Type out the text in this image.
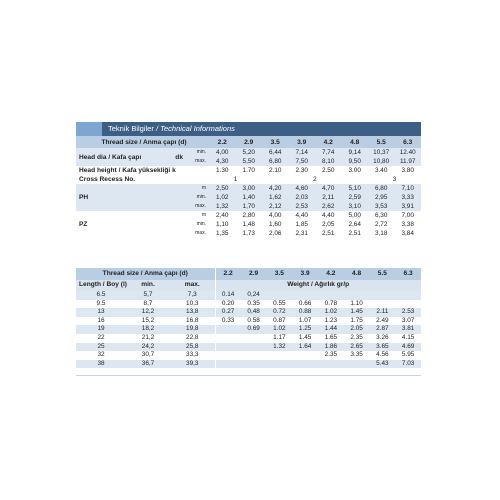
Teknik Bilgiler / Technical Informations
Thread size / Anma çapı (d)		2.2	2.9	3.5	3.9	4.2	4.8	5.5	6.3
Head dia / Kafa çapı dk	min.	4,00	5,20	6,44	7,14	7,74	9,14	10,37	12.40
	max.	4,30	5,50	6,80	7,50	8,10	9,50	10,80	11.97
Head height / Kafa yüksekliği k		1.30	1.70	2.10	2.30	2.50	3.00	3.40	3.80
Cross Recess No.		1		2				3	
PH	m	2,50	3,00	4,20	4,60	4,70	5,10	6,80	7,10
	min.	1,02	1,40	1,62	2,03	2,11	2,59	2,95	3,33
	max.	1,32	1,70	2,12	2,53	2,62	3,10	3,53	3,91
PZ	m	2,40	2,80	4,00	4,40	4,40	5,00	6,30	7,00
	min.	1,10	1,48	1,60	1,85	2,05	2,64	2,72	3,38
	max.	1,35	1,73	2,06	2,31	2,51	2,51	3,18	3,84
Thread size / Anma çapı (d)			2.2	2.9	3.5	3.9	4.2	4.8	5.5	6.3
Length / Boy (l)	min.	max.	Weight / Ağırlık gr/p							
6.5	5,7	7,3	0.14	0,24						
9.5	8,7	10,3	0.20	0.35	0.55	0.66	0.78	1.10		
13	12,2	13,8	0.27	0,48	0.72	0.88	1.02	1.45	2.11	2.53
16	15,2	16,8	0.33	0.58	0.87	1.07	1.23	1.75	2.49	3.07
19	18,2	19,8		0.69	1.02	1.25	1.44	2.05	2.87	3.81
22	21,2	22,8			1.17	1.45	1.65	2.35	3.26	4.15
25	24,2	25,8			1.32	1.64	1.86	2.65	3.65	4.69
32	30,7	33,3					2.35	3.35	4.56	5.95
38	36,7	39,3							5.43	7.03
